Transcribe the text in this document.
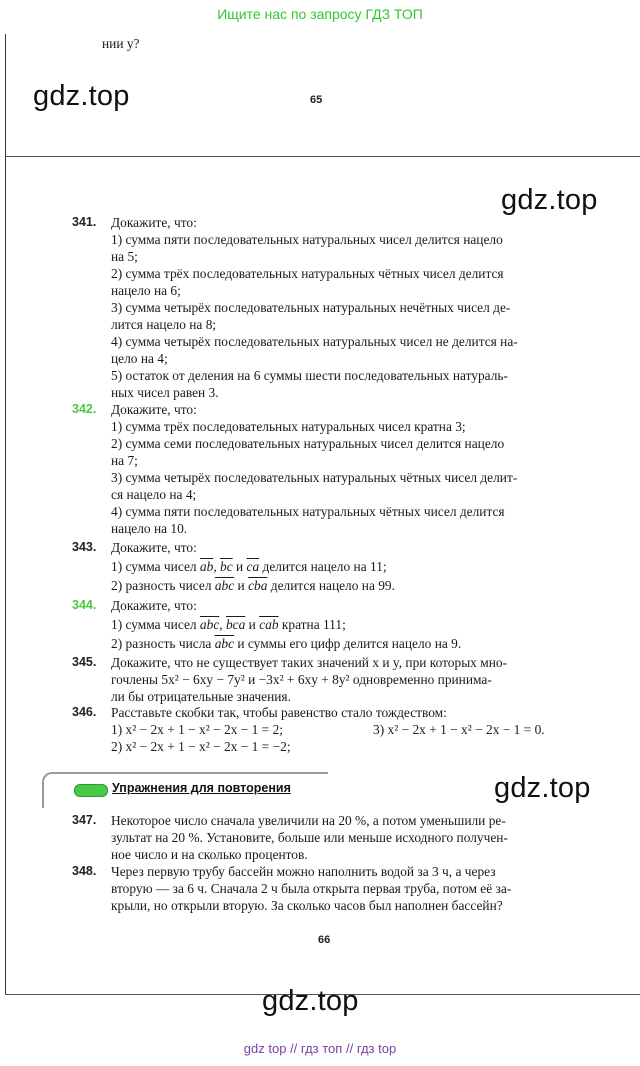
Ищите нас по запросу ГДЗ ТОП
нии y?
gdz.top	65
gdz.top
341. Докажите, что:
1) сумма пяти последовательных натуральных чисел делится нацело
на 5;
2) сумма трёх последовательных натуральных чётных чисел делится
нацело на 6;
3) сумма четырёх последовательных натуральных нечётных чисел де-
лится нацело на 8;
4) сумма четырёх последовательных натуральных чисел не делится на-
цело на 4;
5) остаток от деления на 6 суммы шести последовательных натураль-
ных чисел равен 3.
342. Докажите, что:
1) сумма трёх последовательных натуральных чисел кратна 3;
2) сумма семи последовательных натуральных чисел делится нацело
на 7;
3) сумма четырёх последовательных натуральных чётных чисел делит-
ся нацело на 4;
4) сумма пяти последовательных натуральных чётных чисел делится
нацело на 10.
343. Докажите, что:
1) сумма чисел $\overline{ab}$, $\overline{bc}$ и $\overline{ca}$ делится нацело на 11;
2) разность чисел $\overline{abc}$ и $\overline{cba}$ делится нацело на 99.
344. Докажите, что:
1) сумма чисел $\overline{abc}$, $\overline{bca}$ и $\overline{cab}$ кратна 111;
2) разность числа $\overline{abc}$ и суммы его цифр делится нацело на 9.
345. Докажите, что не существует таких значений x и y, при которых мно-
гочлены 5x² − 6xy − 7y² и −3x² + 6xy + 8y² одновременно принима-
ли бы отрицательные значения.
346. Расставьте скобки так, чтобы равенство стало тождеством:
1) x² − 2x + 1 − x² − 2x − 1 = 2;	3) x² − 2x + 1 − x² − 2x − 1 = 0.
2) x² − 2x + 1 − x² − 2x − 1 = −2;
Упражнения для повторения	gdz.top
347. Некоторое число сначала увеличили на 20 %, а потом уменьшили ре-
зультат на 20 %. Установите, больше или меньше исходного получен-
ное число и на сколько процентов.
348. Через первую трубу бассейн можно наполнить водой за 3 ч, а через
вторую — за 6 ч. Сначала 2 ч была открыта первая труба, потом её за-
крыли, но открыли вторую. За сколько часов был наполнен бассейн?
66
gdz.top
gdz top // гдз топ // гдз top
